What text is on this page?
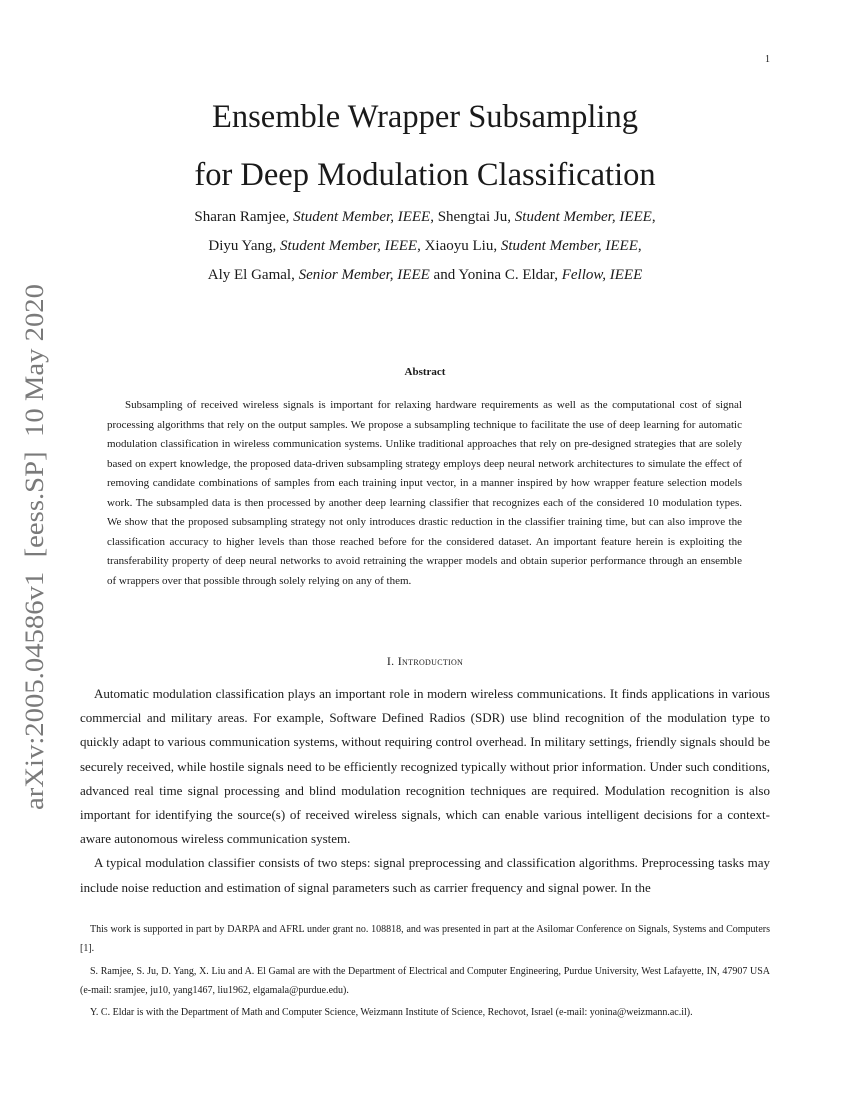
1
arXiv:2005.04586v1  [eess.SP]  10 May 2020
Ensemble Wrapper Subsampling
for Deep Modulation Classification
Sharan Ramjee, Student Member, IEEE, Shengtai Ju, Student Member, IEEE,
Diyu Yang, Student Member, IEEE, Xiaoyu Liu, Student Member, IEEE,
Aly El Gamal, Senior Member, IEEE and Yonina C. Eldar, Fellow, IEEE
Abstract

Subsampling of received wireless signals is important for relaxing hardware requirements as well as the computational cost of signal processing algorithms that rely on the output samples. We propose a subsampling technique to facilitate the use of deep learning for automatic modulation classification in wireless communication systems. Unlike traditional approaches that rely on pre-designed strategies that are solely based on expert knowledge, the proposed data-driven subsampling strategy employs deep neural network architectures to simulate the effect of removing candidate combinations of samples from each training input vector, in a manner inspired by how wrapper feature selection models work. The subsampled data is then processed by another deep learning classifier that recognizes each of the considered 10 modulation types. We show that the proposed subsampling strategy not only introduces drastic reduction in the classifier training time, but can also improve the classification accuracy to higher levels than those reached before for the considered dataset. An important feature herein is exploiting the transferability property of deep neural networks to avoid retraining the wrapper models and obtain superior performance through an ensemble of wrappers over that possible through solely relying on any of them.

I. Introduction

Automatic modulation classification plays an important role in modern wireless communications. It finds applications in various commercial and military areas. For example, Software Defined Radios (SDR) use blind recognition of the modulation type to quickly adapt to various communication systems, without requiring control overhead. In military settings, friendly signals should be securely received, while hostile signals need to be efficiently recognized typically without prior information. Under such conditions, advanced real time signal processing and blind modulation recognition techniques are required. Modulation recognition is also important for identifying the source(s) of received wireless signals, which can enable various intelligent decisions for a context-aware autonomous wireless communication system.

A typical modulation classifier consists of two steps: signal preprocessing and classification algorithms. Preprocessing tasks may include noise reduction and estimation of signal parameters such as carrier frequency and signal power. In the

This work is supported in part by DARPA and AFRL under grant no. 108818, and was presented in part at the Asilomar Conference on Signals, Systems and Computers [1].

S. Ramjee, S. Ju, D. Yang, X. Liu and A. El Gamal are with the Department of Electrical and Computer Engineering, Purdue University, West Lafayette, IN, 47907 USA (e-mail: sramjee, ju10, yang1467, liu1962, elgamala@purdue.edu).

Y. C. Eldar is with the Department of Math and Computer Science, Weizmann Institute of Science, Rechovot, Israel (e-mail: yonina@weizmann.ac.il).
